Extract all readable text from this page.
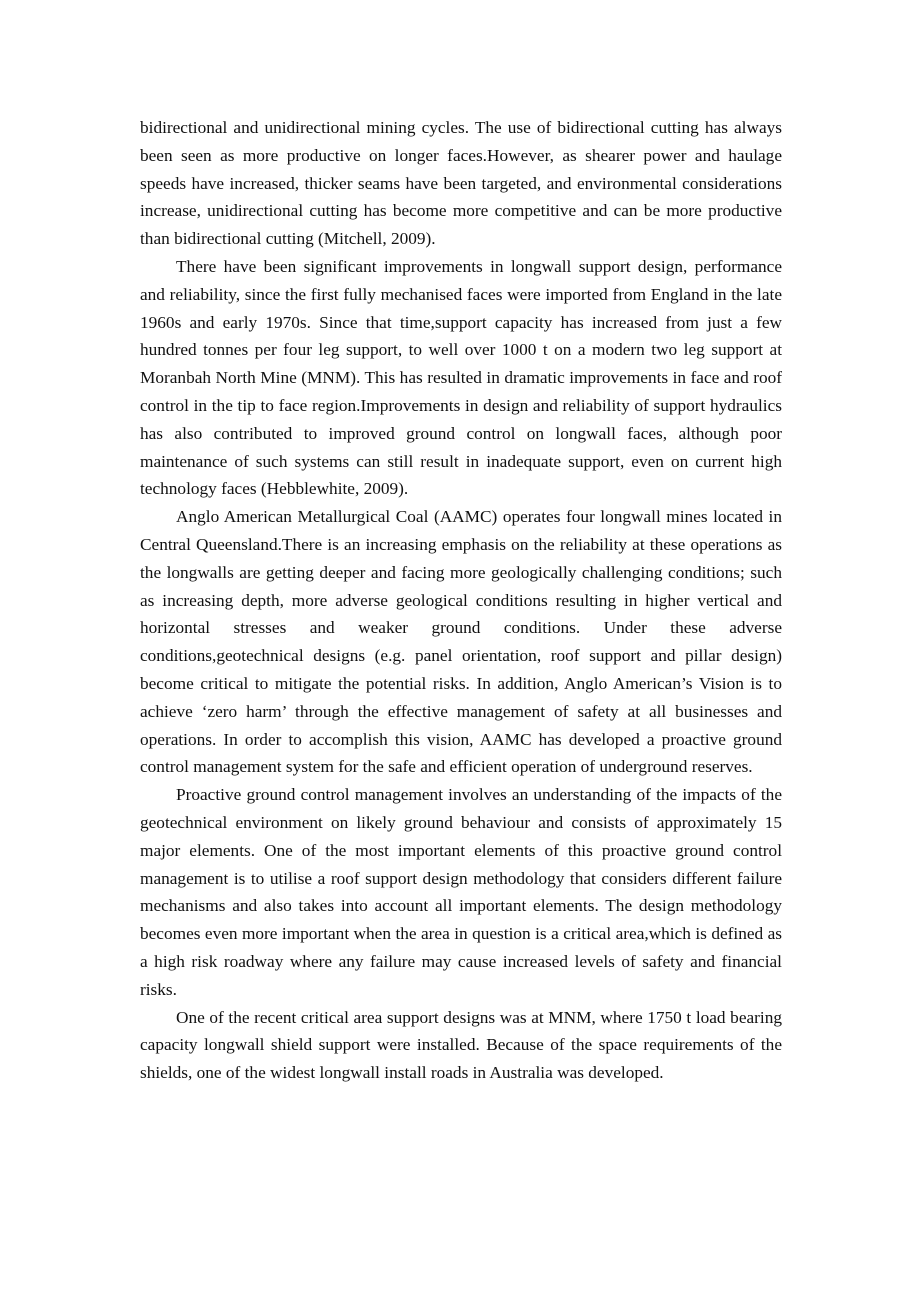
bidirectional and unidirectional mining cycles. The use of bidirectional cutting has always been seen as more productive on longer faces.However, as shearer power and haulage speeds have increased, thicker seams have been targeted, and environmental considerations increase, unidirectional cutting has become more competitive and can be more productive than bidirectional cutting (Mitchell, 2009).

There have been significant improvements in longwall support design, performance and reliability, since the first fully mechanised faces were imported from England in the late 1960s and early 1970s. Since that time,support capacity has increased from just a few hundred tonnes per four leg support, to well over 1000 t on a modern two leg support at Moranbah North Mine (MNM). This has resulted in dramatic improvements in face and roof control in the tip to face region.Improvements in design and reliability of support hydraulics has also contributed to improved ground control on longwall faces, although poor maintenance of such systems can still result in inadequate support, even on current high technology faces (Hebblewhite, 2009).

Anglo American Metallurgical Coal (AAMC) operates four longwall mines located in Central Queensland.There is an increasing emphasis on the reliability at these operations as the longwalls are getting deeper and facing more geologically challenging conditions; such as increasing depth, more adverse geological conditions resulting in higher vertical and horizontal stresses and weaker ground conditions. Under these adverse conditions,geotechnical designs (e.g. panel orientation, roof support and pillar design) become critical to mitigate the potential risks. In addition, Anglo American’s Vision is to achieve ‘zero harm’ through the effective management of safety at all businesses and operations. In order to accomplish this vision, AAMC has developed a proactive ground control management system for the safe and efficient operation of underground reserves.

Proactive ground control management involves an understanding of the impacts of the geotechnical environment on likely ground behaviour and consists of approximately 15 major elements. One of the most important elements of this proactive ground control management is to utilise a roof support design methodology that considers different failure mechanisms and also takes into account all important elements. The design methodology becomes even more important when the area in question is a critical area,which is defined as a high risk roadway where any failure may cause increased levels of safety and financial risks.

One of the recent critical area support designs was at MNM, where 1750 t load bearing capacity longwall shield support were installed. Because of the space requirements of the shields, one of the widest longwall install roads in Australia was developed.
